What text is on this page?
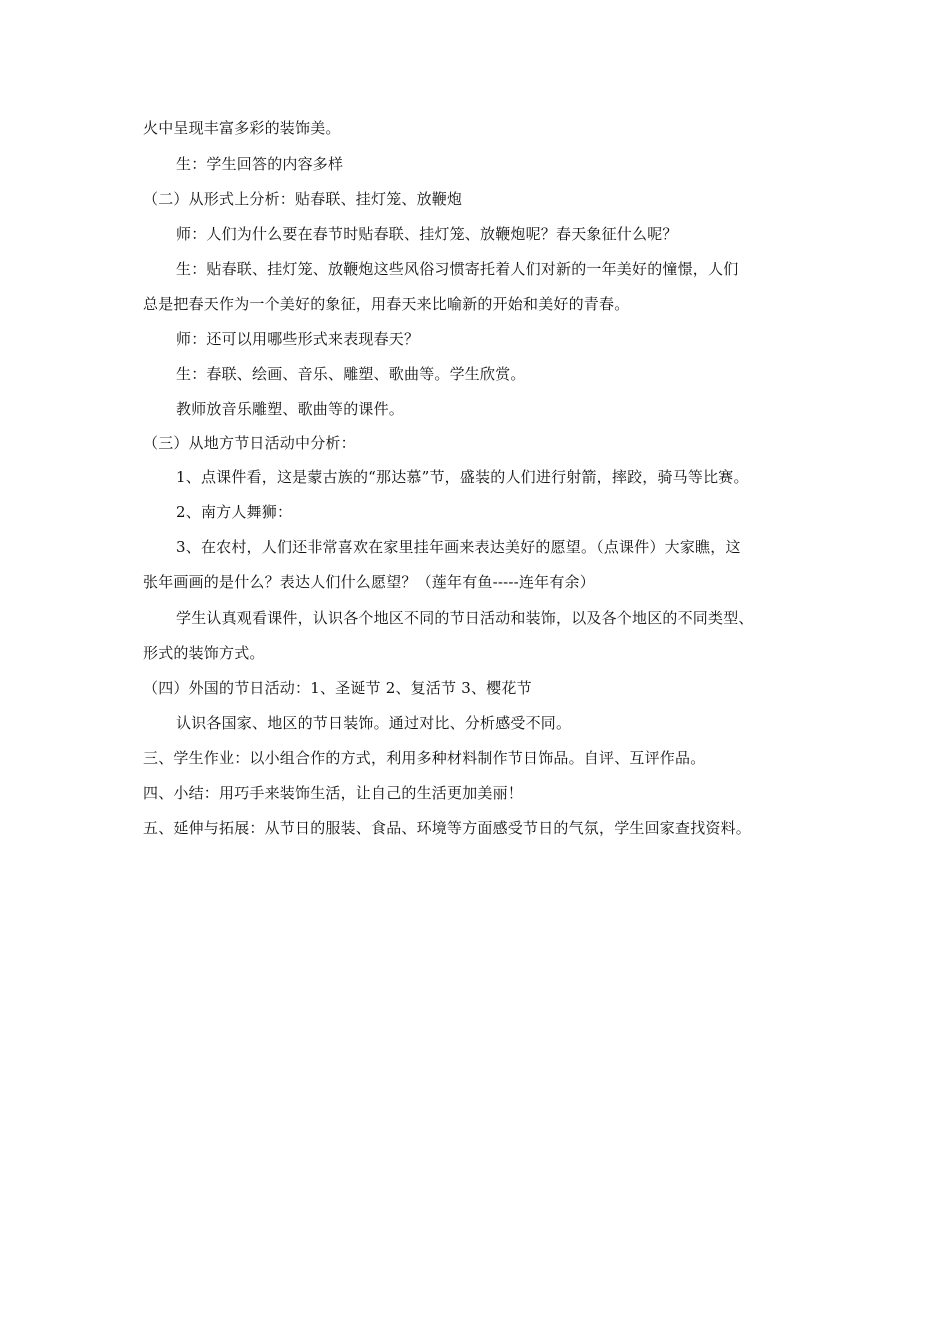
火中呈现丰富多彩的装饰美。
生：学生回答的内容多样
（二）从形式上分析：贴春联、挂灯笼、放鞭炮
师：人们为什么要在春节时贴春联、挂灯笼、放鞭炮呢？春天象征什么呢？
生：贴春联、挂灯笼、放鞭炮这些风俗习惯寄托着人们对新的一年美好的憧憬，人们
总是把春天作为一个美好的象征，用春天来比喻新的开始和美好的青春。
师：还可以用哪些形式来表现春天？
生：春联、绘画、音乐、雕塑、歌曲等。学生欣赏。
教师放音乐雕塑、歌曲等的课件。
（三）从地方节日活动中分析：
1、点课件看，这是蒙古族的“那达慕”节，盛装的人们进行射箭，摔跤，骑马等比赛。
2、南方人舞狮：
3、在农村，人们还非常喜欢在家里挂年画来表达美好的愿望。（点课件）大家瞧，这
张年画画的是什么？表达人们什么愿望？（莲年有鱼-----连年有余）
学生认真观看课件，认识各个地区不同的节日活动和装饰，以及各个地区的不同类型、
形式的装饰方式。
（四）外国的节日活动：1、圣诞节 2、复活节 3、樱花节
认识各国家、地区的节日装饰。通过对比、分析感受不同。
三、学生作业：以小组合作的方式，利用多种材料制作节日饰品。自评、互评作品。
四、小结：用巧手来装饰生活，让自己的生活更加美丽！
五、延伸与拓展：从节日的服装、食品、环境等方面感受节日的气氛，学生回家查找资料。
